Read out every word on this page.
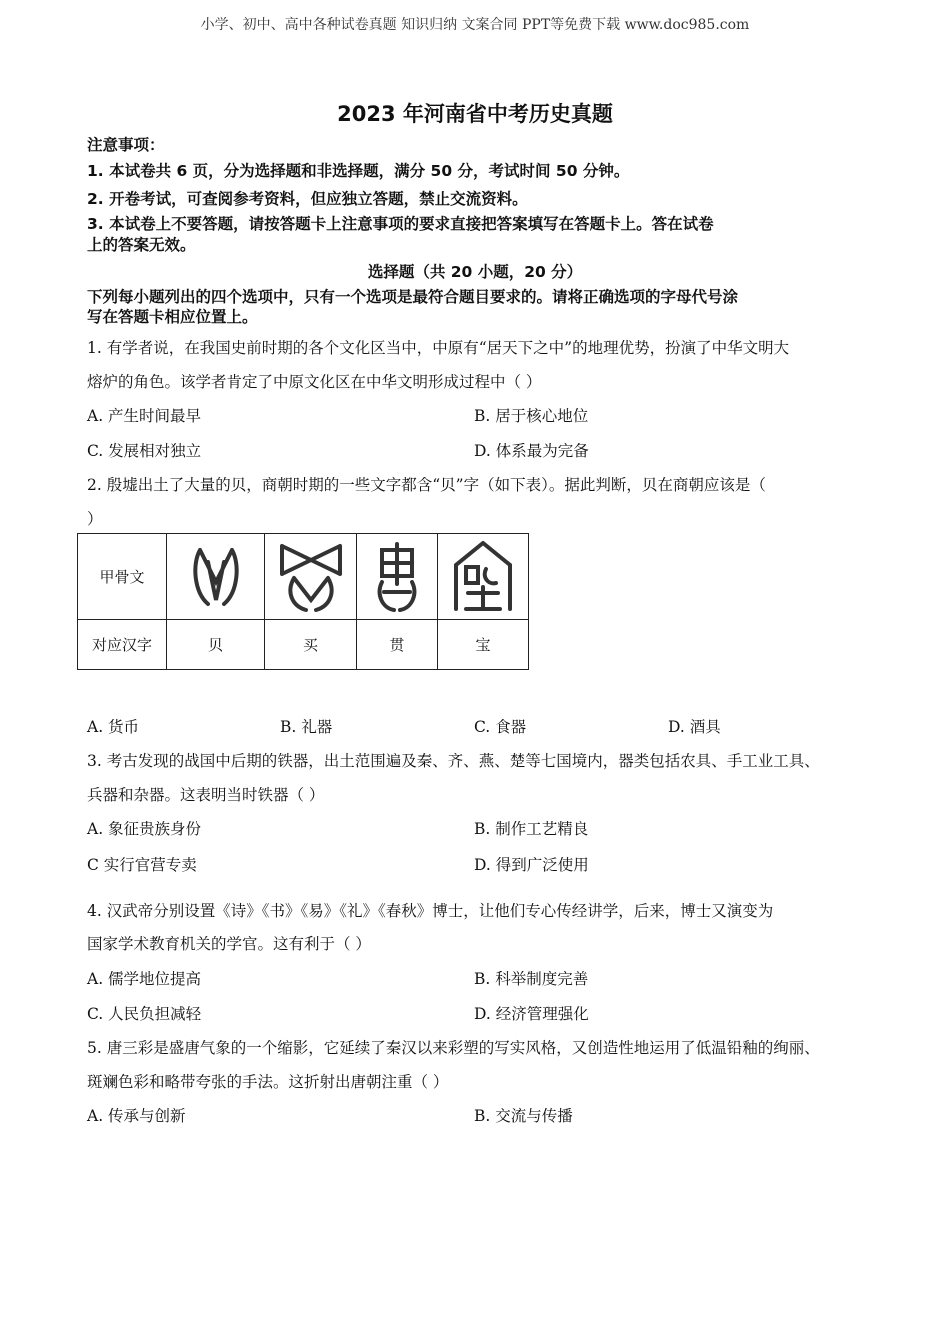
小学、初中、高中各种试卷真题 知识归纳 文案合同 PPT等免费下载 www.doc985.com
2023 年河南省中考历史真题
注意事项：
1. 本试卷共 6 页，分为选择题和非选择题，满分 50 分，考试时间 50 分钟。
2. 开卷考试，可查阅参考资料，但应独立答题，禁止交流资料。
3. 本试卷上不要答题，请按答题卡上注意事项的要求直接把答案填写在答题卡上。答在试卷
上的答案无效。
选择题（共 20 小题，20 分）
下列每小题列出的四个选项中，只有一个选项是最符合题目要求的。请将正确选项的字母代号涂
写在答题卡相应位置上。
1. 有学者说，在我国史前时期的各个文化区当中，中原有“居天下之中”的地理优势，扮演了中华文明大
熔炉的角色。该学者肯定了中原文化区在中华文明形成过程中（ ）
A. 产生时间最早	B. 居于核心地位
C. 发展相对独立	D. 体系最为完备
2. 殷墟出土了大量的贝，商朝时期的一些文字都含“贝”字（如下表）。据此判断，贝在商朝应该是（
）
甲骨文	

对应汉字	贝	买	贯	宝
A. 货币	B. 礼器	C. 食器	D. 酒具
3. 考古发现的战国中后期的铁器，出土范围遍及秦、齐、燕、楚等七国境内，器类包括农具、手工业工具、
兵器和杂器。这表明当时铁器（ ）
A. 象征贵族身份	B. 制作工艺精良
C 实行官营专卖	D. 得到广泛使用
4. 汉武帝分别设置《诗》《书》《易》《礼》《春秋》博士，让他们专心传经讲学，后来，博士又演变为
国家学术教育机关的学官。这有利于（ ）
A. 儒学地位提高	B. 科举制度完善
C. 人民负担减轻	D. 经济管理强化
5. 唐三彩是盛唐气象的一个缩影，它延续了秦汉以来彩塑的写实风格，又创造性地运用了低温铅釉的绚丽、
斑斓色彩和略带夸张的手法。这折射出唐朝注重（ ）
A. 传承与创新	B. 交流与传播
